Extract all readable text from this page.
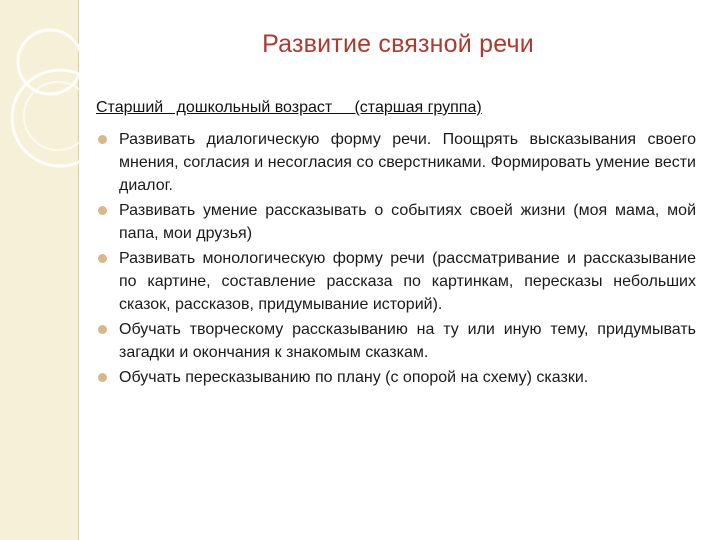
Развитие связной речи

Старший   дошкольный возраст     (старшая группа)

Развивать диалогическую форму речи. Поощрять высказывания своего мнения, согласия и несогласия со сверстниками. Формировать умение вести диалог.
Развивать умение рассказывать о событиях своей жизни (моя мама, мой папа, мои друзья)
Развивать монологическую форму речи (рассматривание и рассказывание по картине, составление рассказа по картинкам, пересказы небольших сказок, рассказов, придумывание историй).
Обучать творческому рассказыванию на ту или иную тему, придумывать загадки и окончания к знакомым сказкам.
Обучать пересказыванию по плану (с опорой на схему) сказки.
